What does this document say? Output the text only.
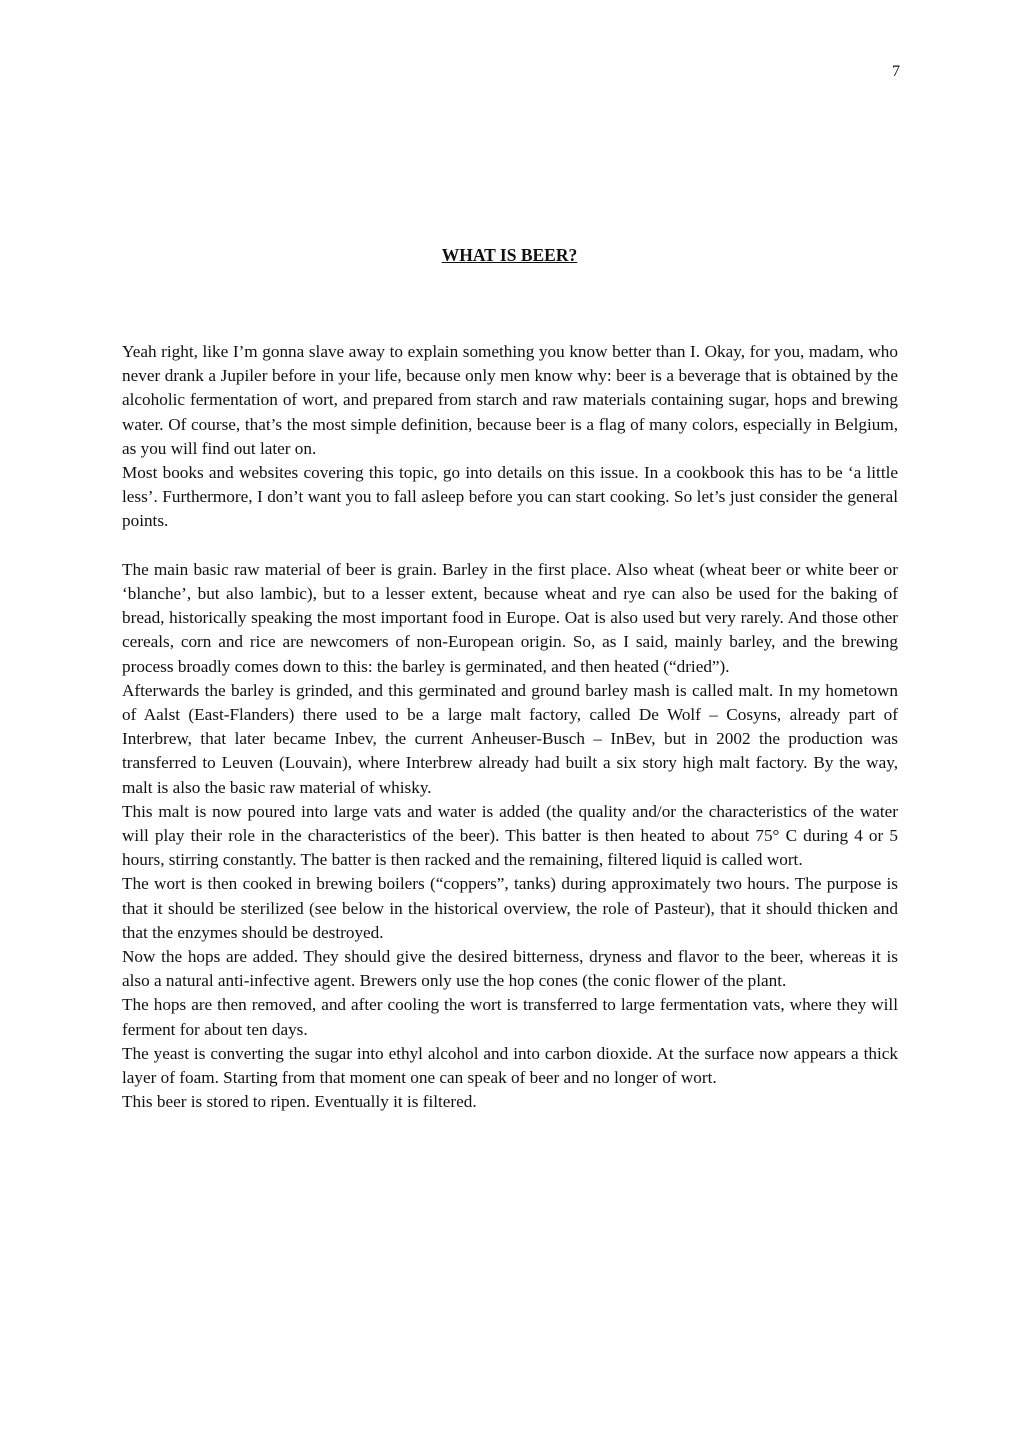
7
WHAT IS BEER?

Yeah right, like I’m gonna slave away to explain something you know better than I. Okay, for you, madam, who never drank a Jupiler before in your life, because only men know why: beer is a beverage that is obtained by the alcoholic fermentation of wort, and prepared from starch and raw materials containing sugar, hops and brewing water. Of course, that’s the most simple definition, because beer is a flag of many colors, especially in Belgium, as you will find out later on.

Most books and websites covering this topic, go into details on this issue. In a cookbook this has to be ‘a little less’. Furthermore, I don’t want you to fall asleep before you can start cooking. So let’s just consider the general points.

The main basic raw material of beer is grain. Barley in the first place. Also wheat (wheat beer or white beer or ‘blanche’, but also lambic), but to a lesser extent, because wheat and rye can also be used for the baking of bread, historically speaking the most important food in Europe. Oat is also used but very rarely. And those other cereals, corn and rice are newcomers of non-European origin. So, as I said, mainly barley, and the brewing process broadly comes down to this: the barley is germinated, and then heated (“dried”).

Afterwards the barley is grinded, and this germinated and ground barley mash is called malt. In my hometown of Aalst (East-Flanders) there used to be a large malt factory, called De Wolf – Cosyns, already part of Interbrew, that later became Inbev, the current Anheuser-Busch – InBev, but in 2002 the production was transferred to Leuven (Louvain), where Interbrew already had built a six story high malt factory. By the way, malt is also the basic raw material of whisky.

This malt is now poured into large vats and water is added (the quality and/or the characteristics of the water will play their role in the characteristics of the beer). This batter is then heated to about 75° C during 4 or 5 hours, stirring constantly. The batter is then racked and the remaining, filtered liquid is called wort.

The wort is then cooked in brewing boilers (“coppers”, tanks) during approximately two hours. The purpose is that it should be sterilized (see below in the historical overview, the role of Pasteur), that it should thicken and that the enzymes should be destroyed.

Now the hops are added. They should give the desired bitterness, dryness and flavor to the beer, whereas it is also a natural anti-infective agent. Brewers only use the hop cones (the conic flower of the plant.

The hops are then removed, and after cooling the wort is transferred to large fermentation vats, where they will ferment for about ten days.

The yeast is converting the sugar into ethyl alcohol and into carbon dioxide. At the surface now appears a thick layer of foam. Starting from that moment one can speak of beer and no longer of wort.

This beer is stored to ripen. Eventually it is filtered.
